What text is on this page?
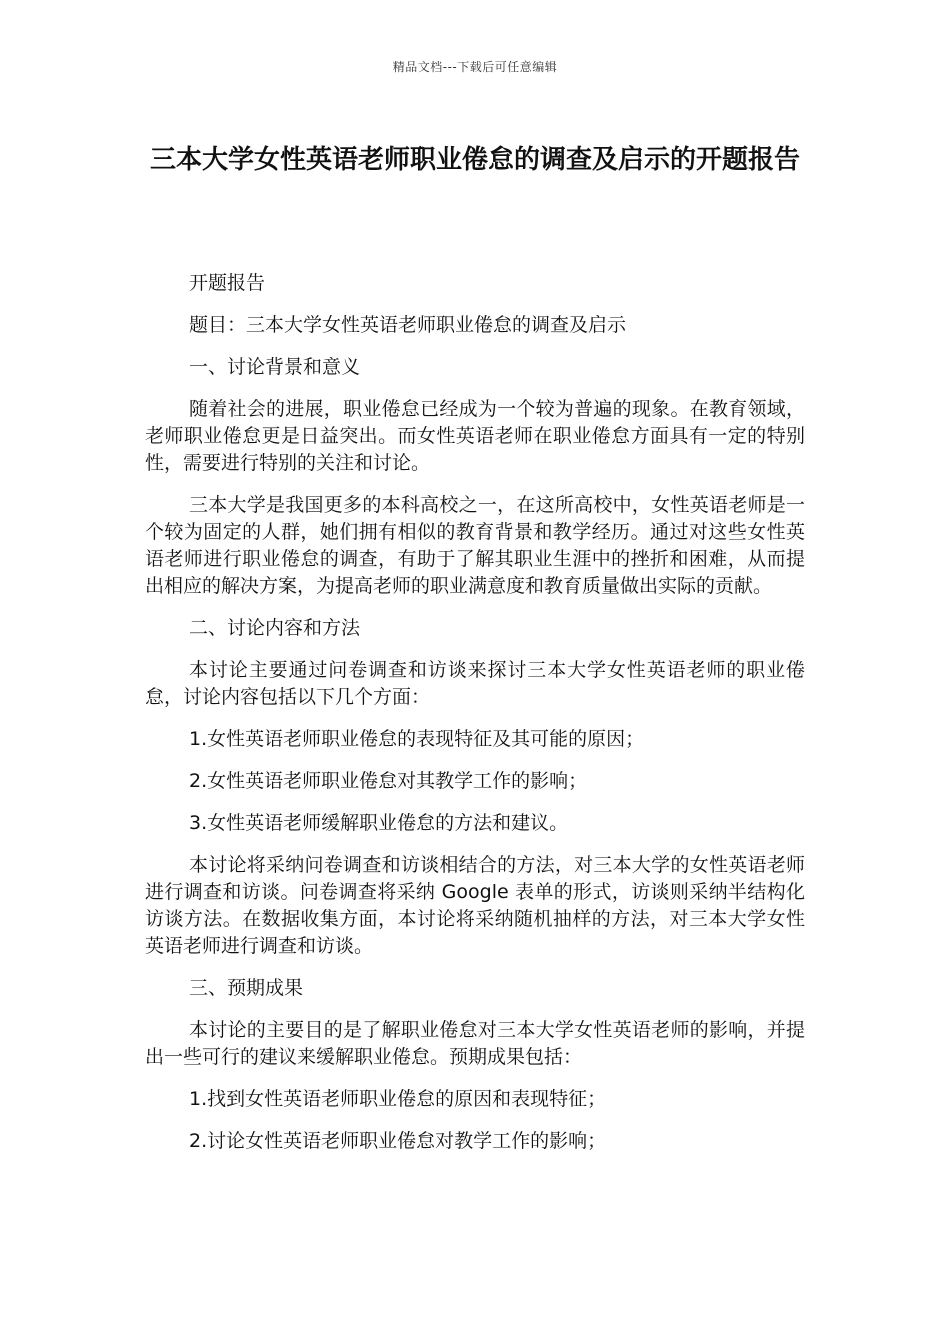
精品文档---下载后可任意编辑
三本大学女性英语老师职业倦怠的调查及启示的开题报告

开题报告

题目：三本大学女性英语老师职业倦怠的调查及启示

一、讨论背景和意义

随着社会的进展，职业倦怠已经成为一个较为普遍的现象。在教育领域，老师职业倦怠更是日益突出。而女性英语老师在职业倦怠方面具有一定的特别性，需要进行特别的关注和讨论。

三本大学是我国更多的本科高校之一，在这所高校中，女性英语老师是一个较为固定的人群，她们拥有相似的教育背景和教学经历。通过对这些女性英语老师进行职业倦怠的调查，有助于了解其职业生涯中的挫折和困难，从而提出相应的解决方案，为提高老师的职业满意度和教育质量做出实际的贡献。

二、讨论内容和方法

本讨论主要通过问卷调查和访谈来探讨三本大学女性英语老师的职业倦怠，讨论内容包括以下几个方面：

1.女性英语老师职业倦怠的表现特征及其可能的原因；

2.女性英语老师职业倦怠对其教学工作的影响；

3.女性英语老师缓解职业倦怠的方法和建议。

本讨论将采纳问卷调查和访谈相结合的方法，对三本大学的女性英语老师进行调查和访谈。问卷调查将采纳 Google 表单的形式，访谈则采纳半结构化访谈方法。在数据收集方面，本讨论将采纳随机抽样的方法，对三本大学女性英语老师进行调查和访谈。

三、预期成果

本讨论的主要目的是了解职业倦怠对三本大学女性英语老师的影响，并提出一些可行的建议来缓解职业倦怠。预期成果包括：

1.找到女性英语老师职业倦怠的原因和表现特征；

2.讨论女性英语老师职业倦怠对教学工作的影响；
